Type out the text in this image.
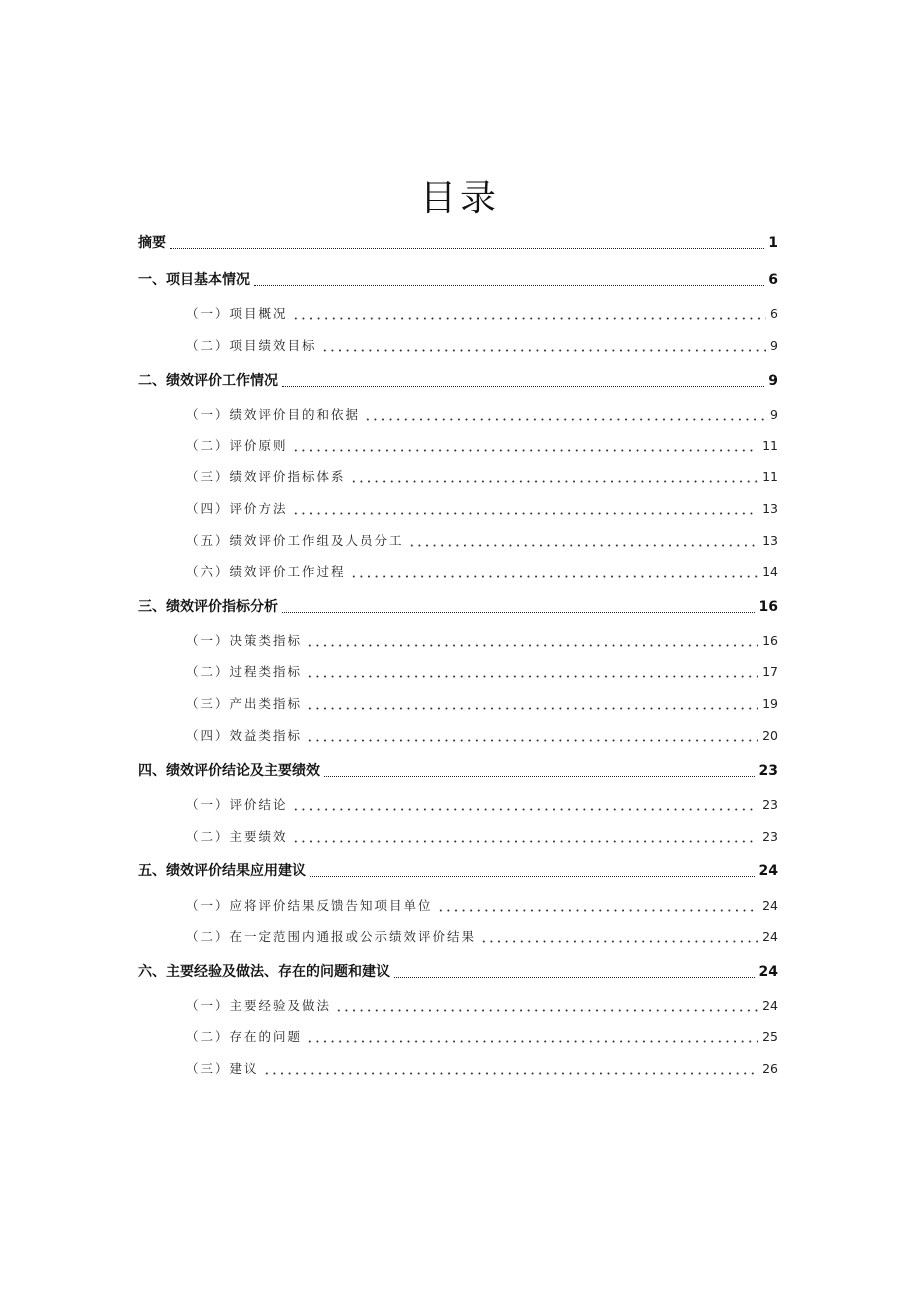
目录
摘要	1
一、项目基本情况	6
（一）项目概况	6
（二）项目绩效目标	9
二、绩效评价工作情况	9
（一）绩效评价目的和依据	9
（二）评价原则	11
（三）绩效评价指标体系	11
（四）评价方法	13
（五）绩效评价工作组及人员分工	13
（六）绩效评价工作过程	14
三、绩效评价指标分析	16
（一）决策类指标	16
（二）过程类指标	17
（三）产出类指标	19
（四）效益类指标	20
四、绩效评价结论及主要绩效	23
（一）评价结论	23
（二）主要绩效	23
五、绩效评价结果应用建议	24
（一）应将评价结果反馈告知项目单位	24
（二）在一定范围内通报或公示绩效评价结果	24
六、主要经验及做法、存在的问题和建议	24
（一）主要经验及做法	24
（二）存在的问题	25
（三）建议	26
